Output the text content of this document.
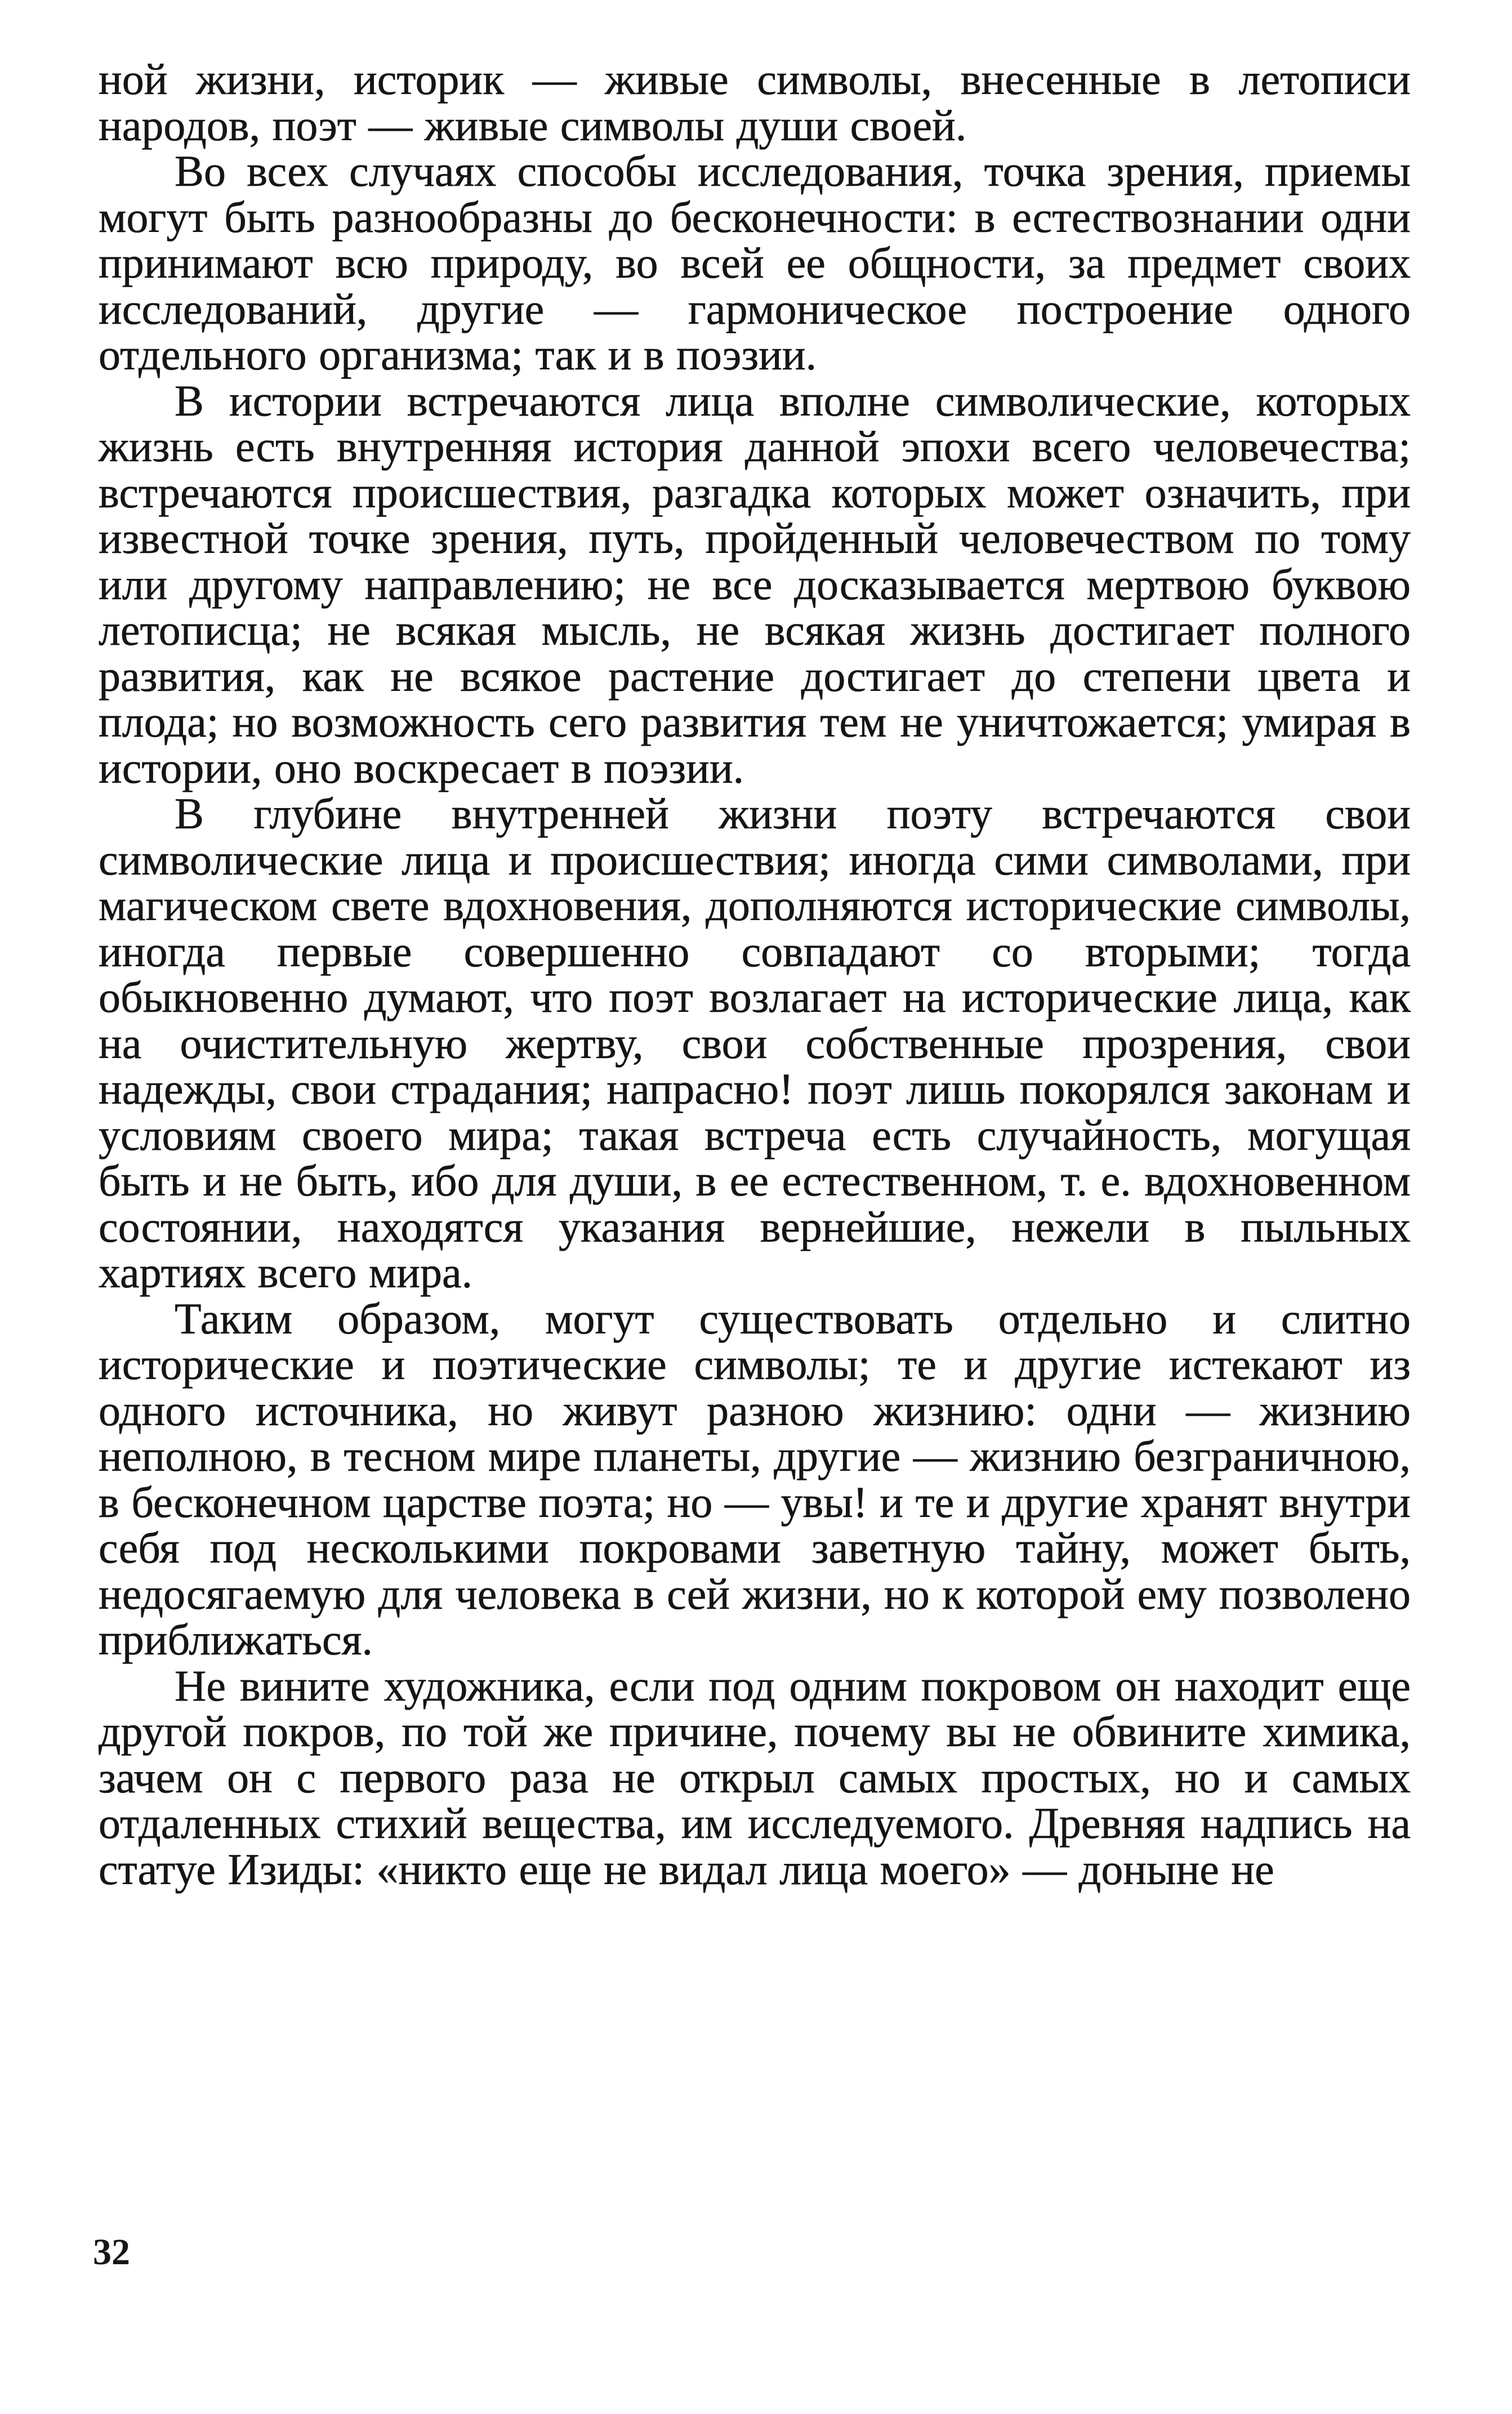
ной жизни, историк — живые символы, внесенные в летописи народов, поэт — живые символы души своей.

Во всех случаях способы исследования, точка зрения, приемы могут быть разнообразны до бесконечности: в естествознании одни принимают всю природу, во всей ее общности, за предмет своих исследований, другие — гармоническое построение одного отдельного организма; так и в поэзии.

В истории встречаются лица вполне символические, которых жизнь есть внутренняя история данной эпохи всего человечества; встречаются происшествия, разгадка которых может означить, при известной точке зрения, путь, пройденный человечеством по тому или другому направлению; не все досказывается мертвою буквою летописца; не всякая мысль, не всякая жизнь достигает полного развития, как не всякое растение достигает до степени цвета и плода; но возможность сего развития тем не уничтожается; умирая в истории, оно воскресает в поэзии.

В глубине внутренней жизни поэту встречаются свои символические лица и происшествия; иногда сими символами, при магическом свете вдохновения, дополняются исторические символы, иногда первые совершенно совпадают со вторыми; тогда обыкновенно думают, что поэт возлагает на исторические лица, как на очистительную жертву, свои собственные прозрения, свои надежды, свои страдания; напрасно! поэт лишь покорялся законам и условиям своего мира; такая встреча есть случайность, могущая быть и не быть, ибо для души, в ее естественном, т. е. вдохновенном состоянии, находятся указания вернейшие, нежели в пыльных хартиях всего мира.

Таким образом, могут существовать отдельно и слитно исторические и поэтические символы; те и другие истекают из одного источника, но живут разною жизнию: одни — жизнию неполною, в тесном мире планеты, другие — жизнию безграничною, в бесконечном царстве поэта; но — увы! и те и другие хранят внутри себя под несколькими покровами заветную тайну, может быть, недосягаемую для человека в сей жизни, но к которой ему позволено приближаться.

Не вините художника, если под одним покровом он находит еще другой покров, по той же причине, почему вы не обвините химика, зачем он с первого раза не открыл самых простых, но и самых отдаленных стихий вещества, им исследуемого. Древняя надпись на статуе Изиды: «никто еще не видал лица моего» — доныне не

32
